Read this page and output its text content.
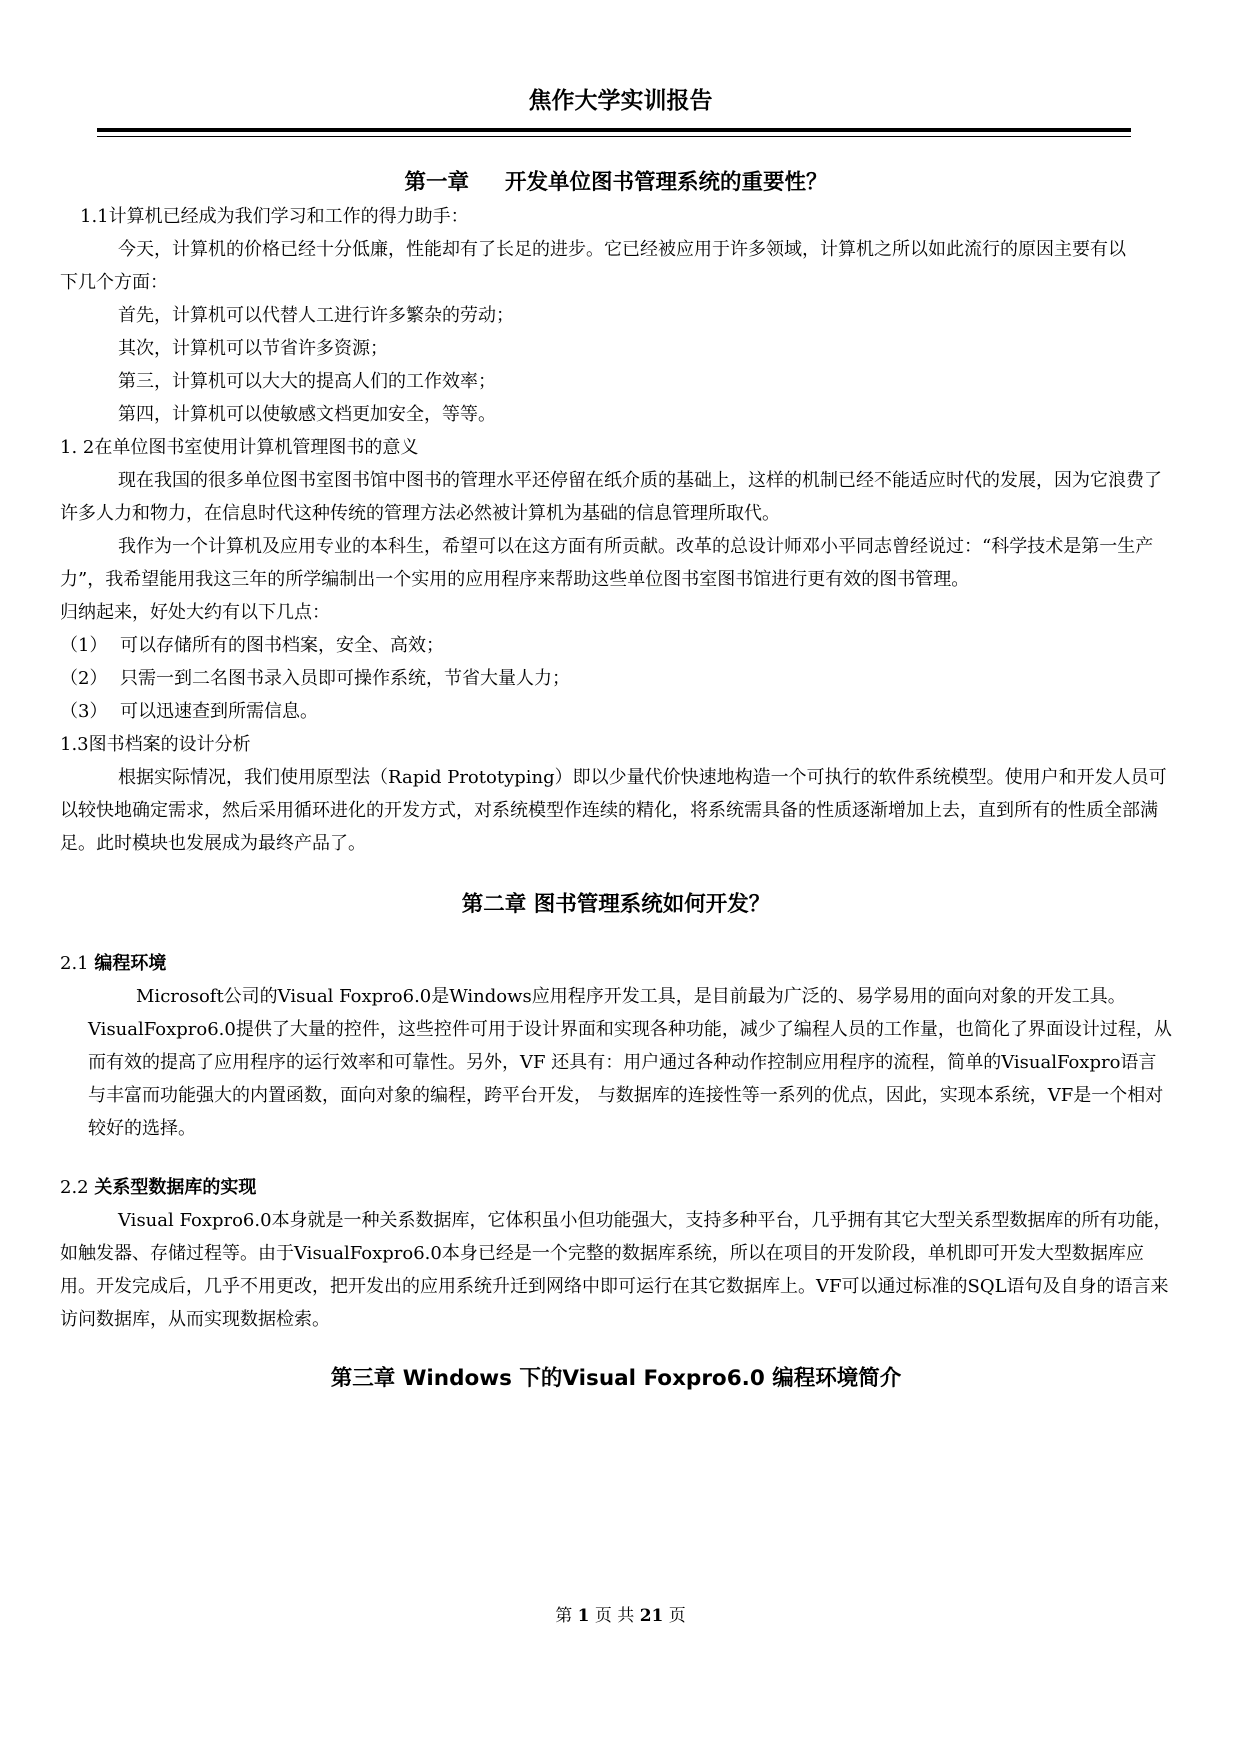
焦作大学实训报告
第一章 开发单位图书管理系统的重要性？

1.1计算机已经成为我们学习和工作的得力助手：

今天，计算机的价格已经十分低廉，性能却有了长足的进步。它已经被应用于许多领域，计算机之所以如此流行的原因主要有以

下几个方面：

首先，计算机可以代替人工进行许多繁杂的劳动；

其次，计算机可以节省许多资源；

第三，计算机可以大大的提高人们的工作效率；

第四，计算机可以使敏感文档更加安全，等等。

1. 2在单位图书室使用计算机管理图书的意义

现在我国的很多单位图书室图书馆中图书的管理水平还停留在纸介质的基础上，这样的机制已经不能适应时代的发展，因为它浪费了许多人力和物力，在信息时代这种传统的管理方法必然被计算机为基础的信息管理所取代。

我作为一个计算机及应用专业的本科生，希望可以在这方面有所贡献。改革的总设计师邓小平同志曾经说过：“科学技术是第一生产力”，我希望能用我这三年的所学编制出一个实用的应用程序来帮助这些单位图书室图书馆进行更有效的图书管理。

归纳起来，好处大约有以下几点：

（1） 可以存储所有的图书档案，安全、高效；

（2） 只需一到二名图书录入员即可操作系统，节省大量人力；

（3） 可以迅速查到所需信息。

1.3图书档案的设计分析

根据实际情况，我们使用原型法（Rapid Prototyping）即以少量代价快速地构造一个可执行的软件系统模型。使用户和开发人员可以较快地确定需求，然后采用循环进化的开发方式，对系统模型作连续的精化，将系统需具备的性质逐渐增加上去，直到所有的性质全部满足。此时模块也发展成为最终产品了。

第二章 图书管理系统如何开发？

2.1 编程环境

Microsoft公司的Visual Foxpro6.0是Windows应用程序开发工具，是目前最为广泛的、易学易用的面向对象的开发工具。VisualFoxpro6.0提供了大量的控件，这些控件可用于设计界面和实现各种功能，减少了编程人员的工作量，也简化了界面设计过程，从而有效的提高了应用程序的运行效率和可靠性。另外，VF 还具有：用户通过各种动作控制应用程序的流程，简单的VisualFoxpro语言与丰富而功能强大的内置函数，面向对象的编程，跨平台开发， 与数据库的连接性等一系列的优点，因此，实现本系统，VF是一个相对较好的选择。

2.2 关系型数据库的实现

Visual Foxpro6.0本身就是一种关系数据库，它体积虽小但功能强大，支持多种平台，几乎拥有其它大型关系型数据库的所有功能，如触发器、存储过程等。由于VisualFoxpro6.0本身已经是一个完整的数据库系统，所以在项目的开发阶段，单机即可开发大型数据库应用。开发完成后，几乎不用更改，把开发出的应用系统升迁到网络中即可运行在其它数据库上。VF可以通过标准的SQL语句及自身的语言来访问数据库，从而实现数据检索。

第三章 Windows 下的Visual Foxpro6.0 编程环境简介
第 1 页 共 21 页
